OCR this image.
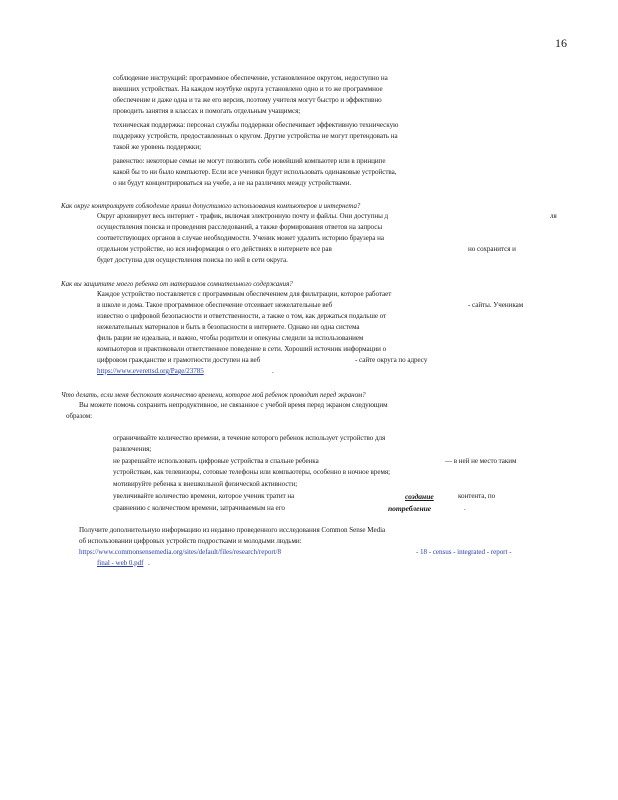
16
соблюдение инструкций: программное обеспечение, установленное округом, недоступно на
внешних устройствах. На каждом ноутбуке округа установлено одно и то же программное
обеспечение и даже одна и та же его версия, поэтому учителя могут быстро и эффективно
проводить занятия в классах и помогать отдельным учащимся;
техническая поддержка: персонал службы поддержки обеспечивает эффективную техническую
поддержку устройств, предоставленных о кругом. Другие устройства не могут претендовать на
такой же уровень поддержки;
равенство: некоторые семьи не могут позволить себе новейший компьютер или в принципе
какой бы то ни было компьютер. Если все ученики будут использовать одинаковые устройства,
о ни будут концентрироваться на учебе, а не на различиях между устройствами.
Как округ контролирует соблюдение правил допустимого использования компьютеров и интернета?
Округ архивирует весь интернет - трафик, включая электронную почту и файлы. Они доступны д	ля
осуществления поиска и проведения расследований, а также формирования ответов на запросы
соответствующих органов в случае необходимости. Ученик может удалить историю браузера на
отдельном устройстве, но вся информация о его действиях в интернете все рав	но сохранится и
будет доступна для осуществления поиска по ней в сети округа.
Как вы защитите моего ребенка от материалов сомнительного содержания?
Каждое устройство поставляется с программным обеспечением для фильтрации, которое работает
в школе и дома. Такое программное обеспечение отсеивает нежелательные веб	- сайты. Ученикам
известно о цифровой безопасности и ответственности, а также о том, как держаться подальше от
нежелательных материалов и быть в безопасности в интернете. Однако ни одна система
филь рации не идеальна, и важно, чтобы родители и опекуны следили за использованием
компьютеров и практиковали ответственное поведение в сети. Хороший источник информации о
цифровом гражданстве и грамотности доступен на веб	- сайте округа по адресу
https://www.everettsd.org/Page/23785	.
Что делать, если меня беспокоит количество времени, которое мой ребенок проводит перед экраном?
Вы можете помочь сохранить непродуктивное, не связанное с учебой время перед экраном следующим
образом:
ограничивайте количество времени, в течение которого ребенок использует устройство для
развлечения;
не разрешайте использовать цифровые устройства в спальне ребенка	— в ней не место таким
устройствам, как телевизоры, сотовые телефоны или компьютеры, особенно в ночное время;
мотивируйте ребенка к внешкольной физической активности;
увеличивайте количество времени, которое ученик тратит на	создание	контента, по
сравнению с количеством времени, затрачиваемым на его	потребление	.
Получите дополнительную информацию из недавно проведенного исследования Common Sense Media
об использовании цифровых устройств подростками и молодыми людьми:
https://www.commonsensemedia.org/sites/default/files/research/report/8	- 18 - census - integrated - report -
final - web 0.pdf .
